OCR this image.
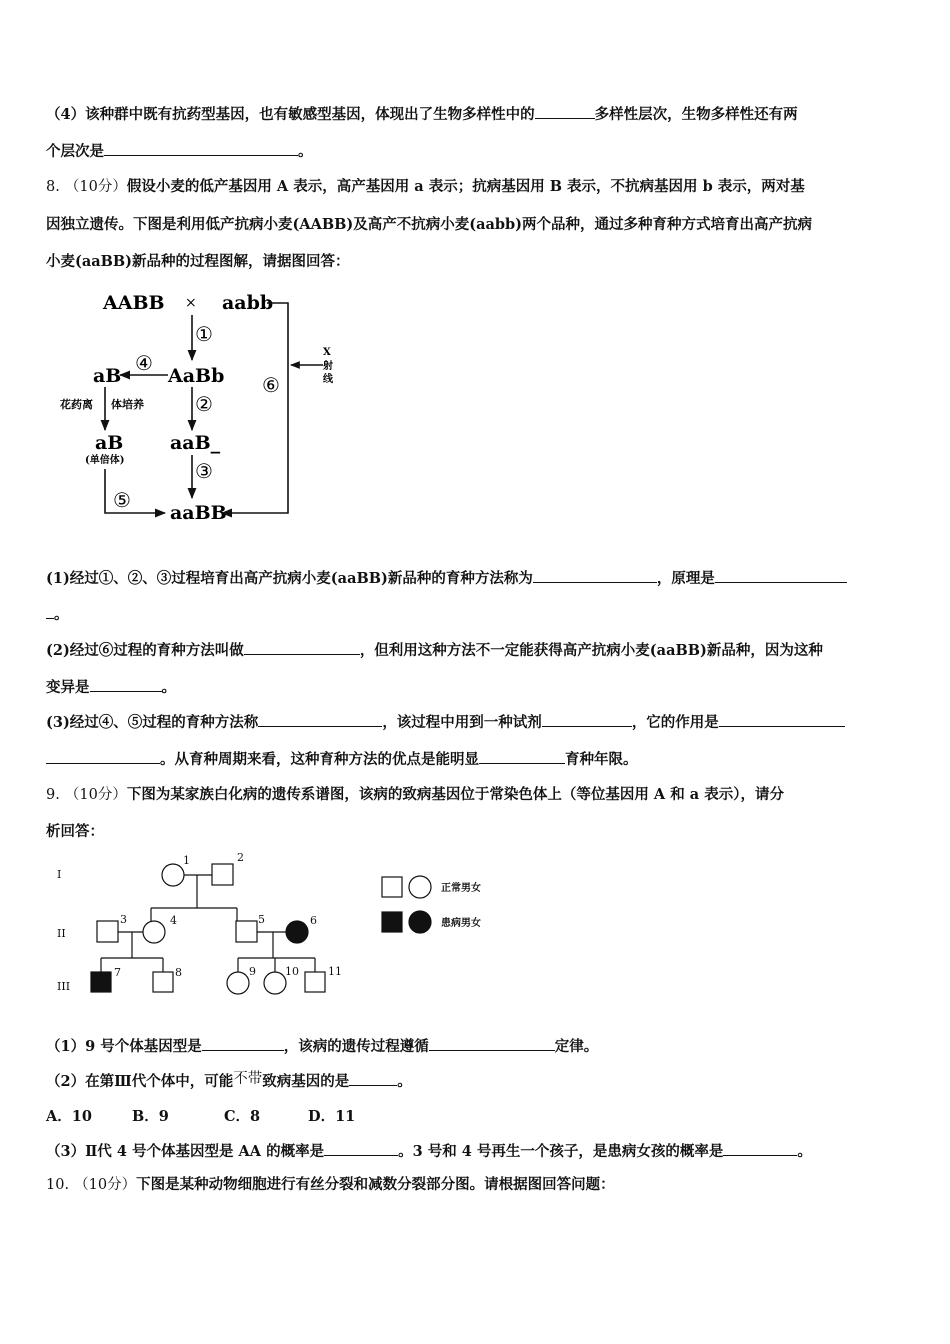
（4）该种群中既有抗药型基因，也有敏感型基因，体现出了生物多样性中的	多样性层次，生物多样性还有两
个层次是	。
8. （10分）假设小麦的低产基因用 A 表示，高产基因用 a 表示；抗病基因用 B 表示，不抗病基因用 b 表示，两对基
因独立遗传。下图是利用低产抗病小麦(AABB)及高产不抗病小麦(aabb)两个品种，通过多种育种方式培育出高产抗病
小麦(aaBB)新品种的过程图解，请据图回答：
AABB × aabb
①
AaBb
④
aB
花药离 体培养
aB
(单倍体)
②
aaB_
③
aaBB
⑤
⑥
X
射
线
(1)经过①、②、③过程培育出高产抗病小麦(aaBB)新品种的育种方法称为	，原理是
。
(2)经过⑥过程的育种方法叫做	，但利用这种方法不一定能获得高产抗病小麦(aaBB)新品种，因为这种
变异是	。
(3)经过④、⑤过程的育种方法称	，该过程中用到一种试剂	，它的作用是
。从育种周期来看，这种育种方法的优点是能明显	育种年限。
9. （10分）下图为某家族白化病的遗传系谱图，该病的致病基因位于常染色体上（等位基因用 A 和 a 表示），请分
析回答：
I
II
III
1	2
3	4	5	6
7	8	9	10	11
正常男女
患病男女
（1）9 号个体基因型是	，该病的遗传过程遵循	定律。
（2）在第Ⅲ代个体中，可能不带致病基因的是	。
A．10	B．9	C．8	D．11
（3）Ⅱ代 4 号个体基因型是 AA 的概率是	。3 号和 4 号再生一个孩子，是患病女孩的概率是	。
10. （10分）下图是某种动物细胞进行有丝分裂和减数分裂部分图。请根据图回答问题：
